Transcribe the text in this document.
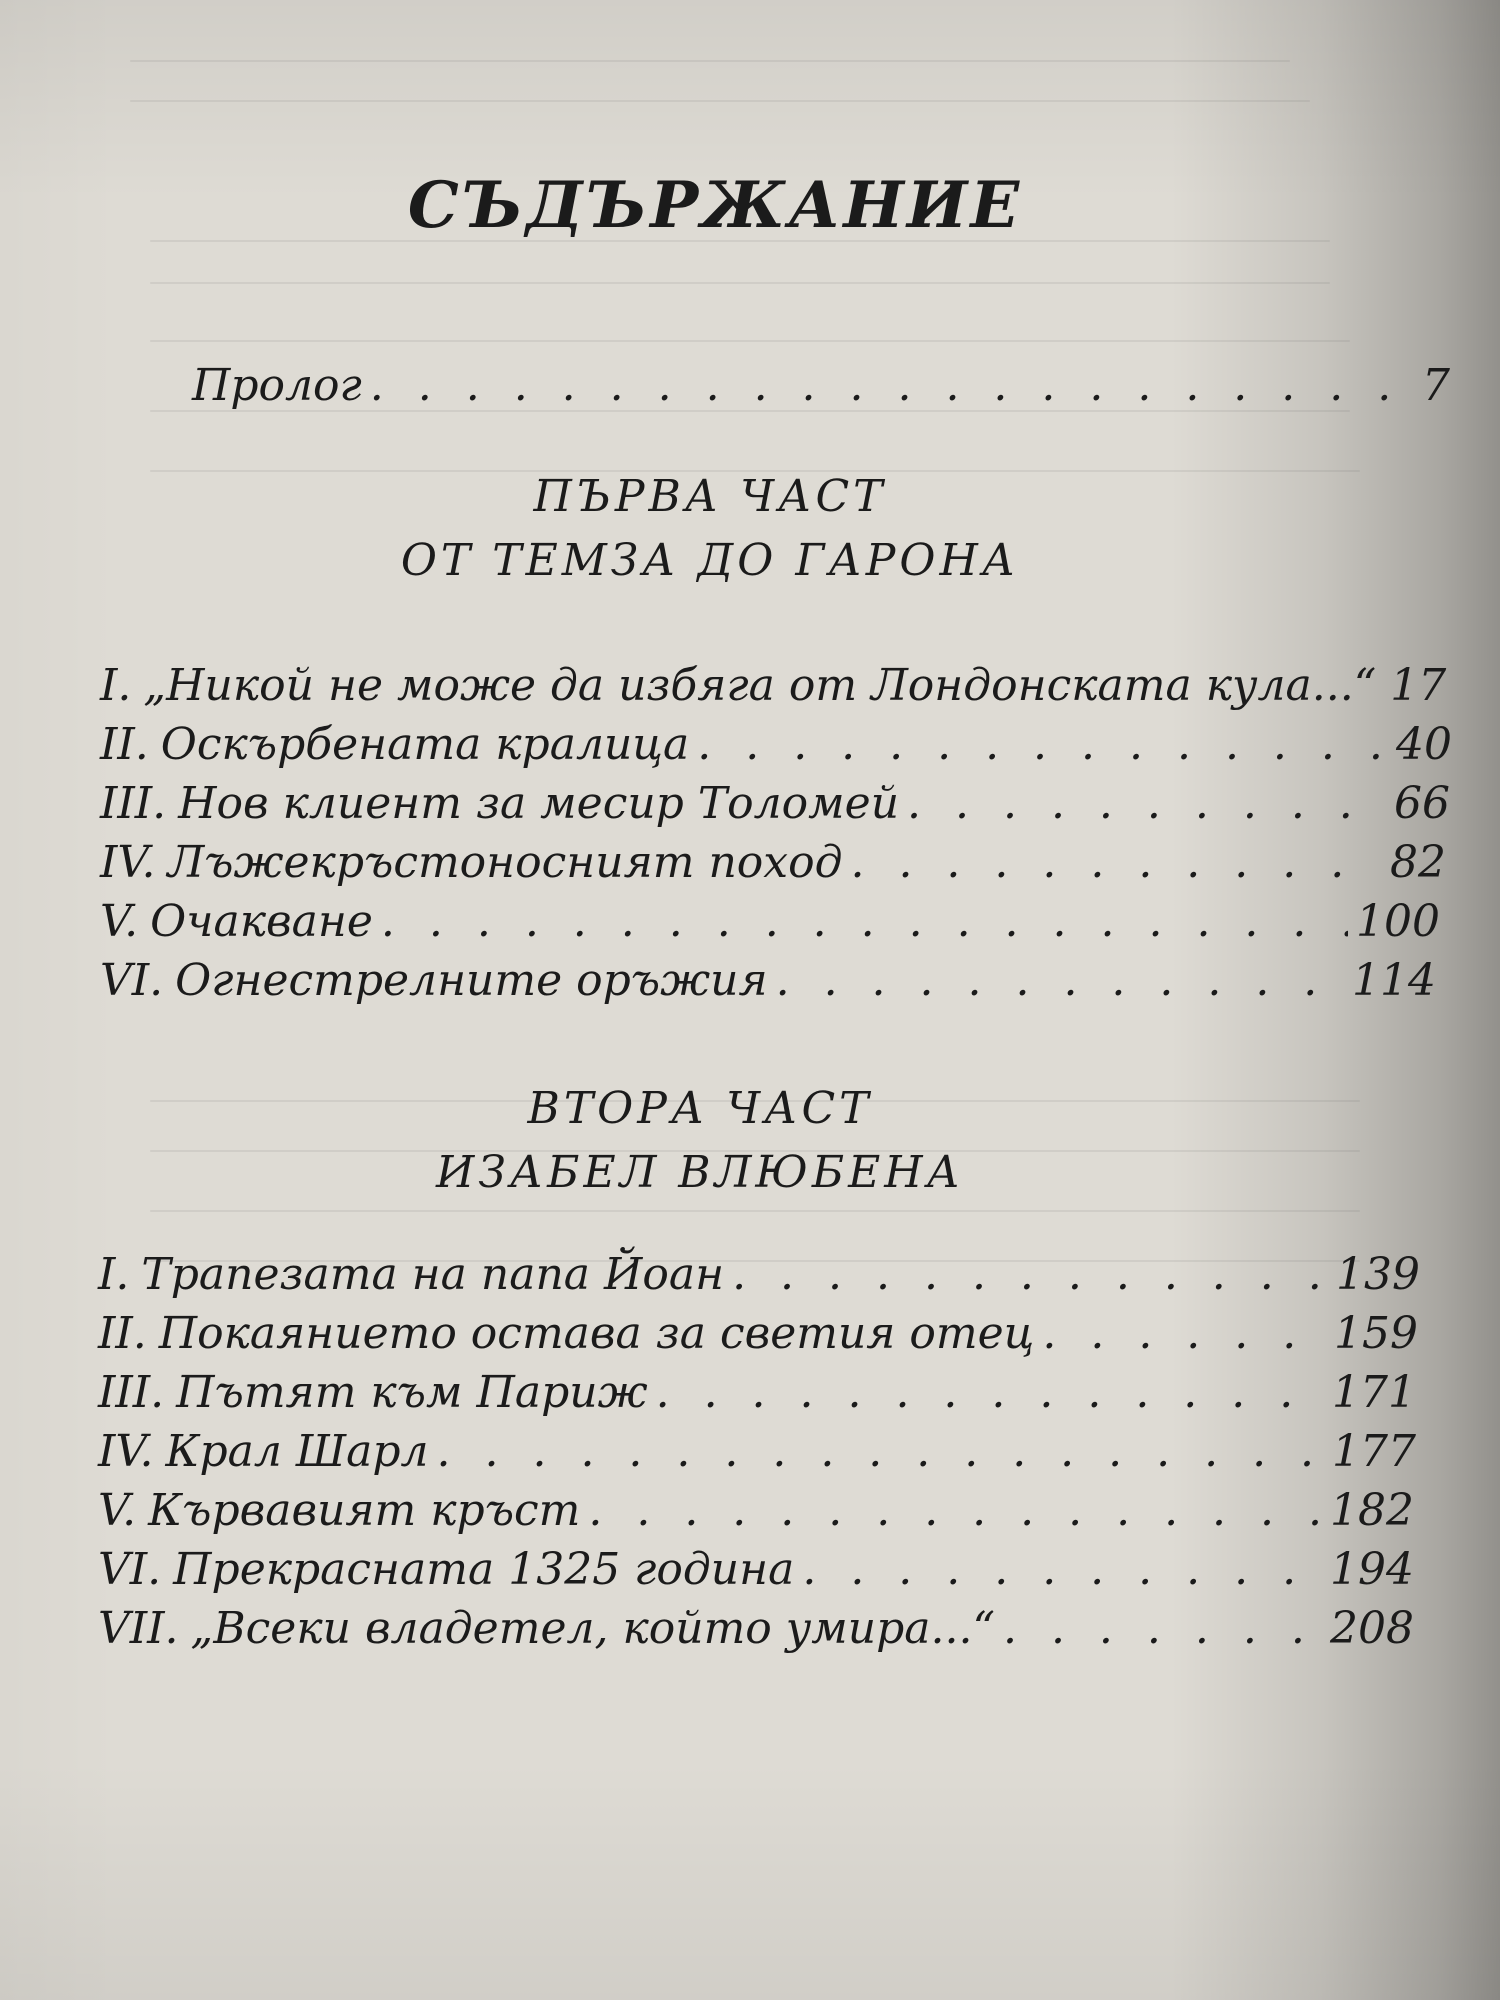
СЪДЪРЖАНИЕ
Пролог . . .	7
ПЪРВА ЧАСТ
ОТ ТЕМЗА ДО ГАРОНА
I. „Никой не може да избяга от Лондонската кула...“ 17
II. Оскърбената кралица . . .	40
III. Нов клиент за месир Толомей . . .	66
IV. Лъжекръстоносният поход . . .	82
V. Очакване . . .	100
VI. Огнестрелните оръжия . . .	114
ВТОРА ЧАСТ
ИЗАБЕЛ ВЛЮБЕНА
I. Трапезата на папа Йоан . . .	139
II. Покаянието остава за светия отец . . .	159
III. Пътят към Париж . . .	171
IV. Крал Шарл . . .	177
V. Кървавият кръст . . .	182
VI. Прекрасната 1325 година . . .	194
VII. „Всеки владетел, който умира...“ . . .	208
